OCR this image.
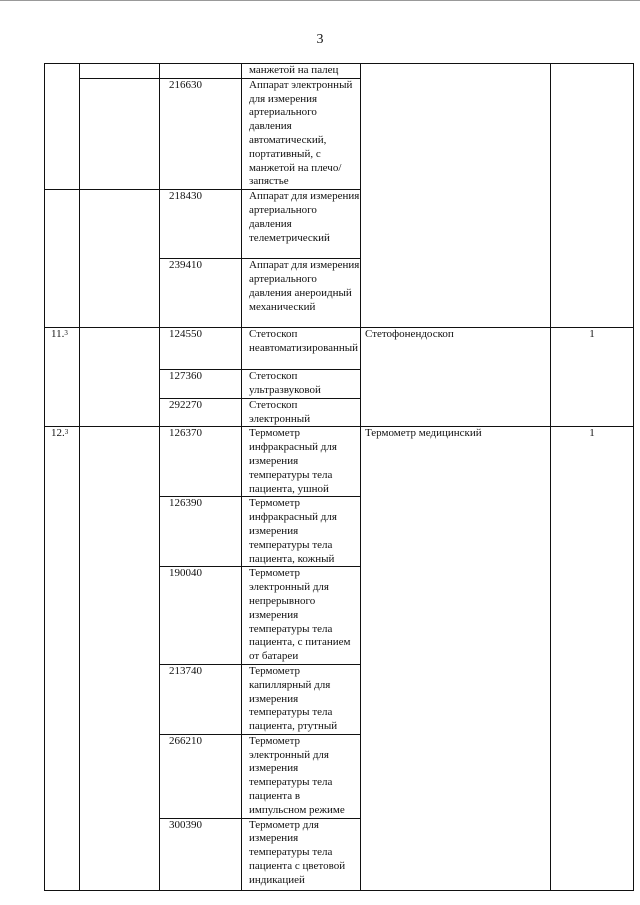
3
			манжетой на палец		
		216630	Аппарат электронный для измерения артериального давления автоматический, портативный, с манжетой на плечо/запястье		
		218430	Аппарат для измерения артериального давления телеметрический		
		239410	Аппарат для измерения артериального давления анероидный механический		
11.$^3$		124550	Стетоскоп неавтоматизированный	Стетофонендоскоп	1
		127360	Стетоскоп ультразвуковой		
		292270	Стетоскоп электронный		
12.$^3$		126370	Термометр инфракрасный для измерения температуры тела пациента, ушной	Термометр медицинский	1
		126390	Термометр инфракрасный для измерения температуры тела пациента, кожный		
		190040	Термометр электронный для непрерывного измерения температуры тела пациента, с питанием от батареи		
		213740	Термометр капиллярный для измерения температуры тела пациента, ртутный		
		266210	Термометр электронный для измерения температуры тела пациента в импульсном режиме		
		300390	Термометр для измерения температуры тела пациента с цветовой индикацией		
